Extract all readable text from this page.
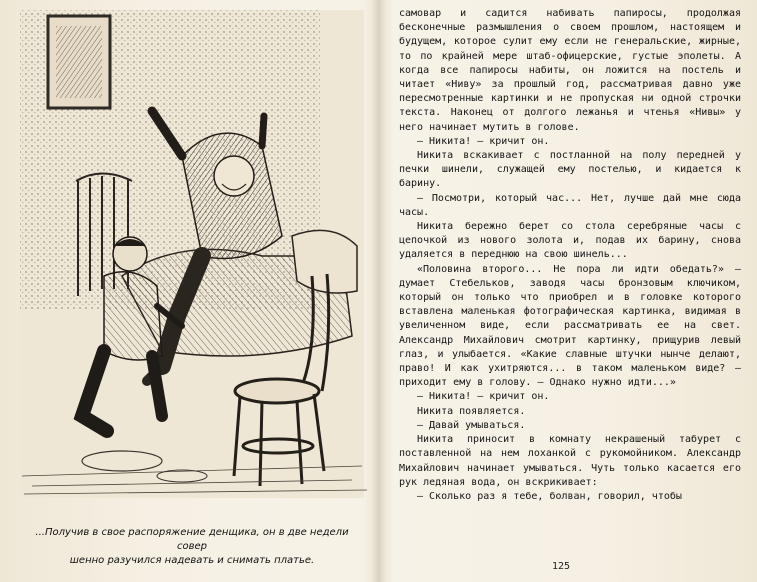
...Получив в свое распоряжение денщика, он в две недели совер
шенно разучился надевать и снимать платье.

самовар и садится набивать папиросы, продолжая бесконечные размышления о своем прошлом, настоящем и будущем, которое сулит ему если не генеральские, жирные, то по крайней мере штаб-офицерские, густые эполеты. А когда все папиросы набиты, он ложится на постель и читает «Ниву» за прошлый год, рассматривая давно уже пересмотренные картинки и не пропуская ни одной строчки текста. Наконец от долгого лежанья и чтенья «Нивы» у него начинает мутить в голове.

— Никита! — кричит он.

Никита вскакивает с постланной на полу передней у печки шинели, служащей ему постелью, и кидается к барину.

— Посмотри, который час... Нет, лучше дай мне сюда часы.

Никита бережно берет со стола серебряные часы с цепочкой из нового золота и, подав их барину, снова удаляется в переднюю на свою шинель...

«Половина второго... Не пора ли идти обедать?» — думает Стебельков, заводя часы бронзовым ключиком, который он только что приобрел и в головке которого вставлена маленькая фотографическая картинка, видимая в увеличенном виде, если рассматривать ее на свет. Александр Михайлович смотрит картинку, прищурив левый глаз, и улыбается. «Какие славные штучки нынче делают, право! И как ухитряются... в таком маленьком виде? — приходит ему в голову. — Однако нужно идти...»

— Никита! — кричит он.

Никита появляется.

— Давай умываться.

Никита приносит в комнату некрашеный табурет с поставленной на нем лоханкой с рукомойником. Александр Михайлович начинает умываться. Чуть только касается его рук ледяная вода, он вскрикивает:

— Сколько раз я тебе, болван, говорил, чтобы

125
